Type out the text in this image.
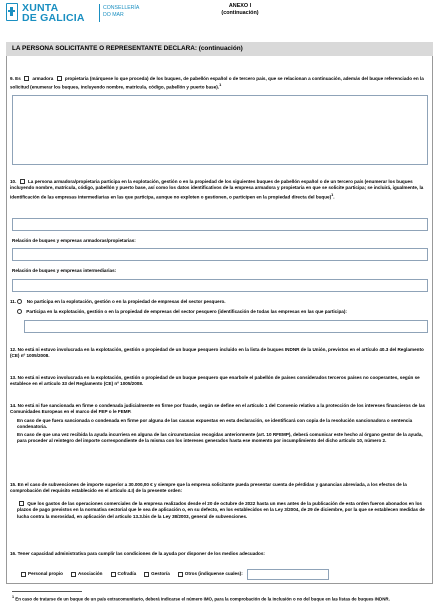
XUNTA
DE GALICIA
CONSELLERÍA
DO MAR
ANEXO I
(continuación)
LA PERSONA SOLICITANTE O REPRESENTANTE DECLARA: (continuación)
9. Es	armadora	propietaria (márquese lo que proceda) de los buques, de pabellón español o de tercero país, que se relacionan a continuación, además del buque referenciado en la solicitud (enumerar los buques, incluyendo nombre, matrícula, código, pabellón y puerto base).$^1$
10.	La persona armadora/propietaria participa en la explotación, gestión o en la propiedad de los siguientes buques de pabellón español o de un tercero país (enumerar los buques incluyendo nombre, matrícula, código, pabellón y puerto base, así como los datos identificativos de la empresa armadora y propietaria en que se solicite participa; se incluirá, igualmente, la identificación de las empresas intermediarias en las que participa, aunque no exploten o gestionen, o participen en la propiedad directa del buque)$^1$.
Relación de buques y empresas armadoras/propietarias:
Relación de buques y empresas intermediarias:
11. No participa en la explotación, gestión o en la propiedad de empresas del sector pesquero.
Participa en la explotación, gestión o en la propiedad de empresas del sector pesquero (identificación de todas las empresas en las que participa):
12. No está ni estuvo involucrada en la explotación, gestión o propiedad de un buque pesquero incluido en la lista de buques INDNR de la Unión, previstos en el artículo 40.3 del Reglamento (CE) nº 1005/2008.
13. No está ni estuvo involucrada en la explotación, gestión o propiedad de un buque pesquero que enarbole el pabellón de países considerados terceros países no cooperantes, según se establece en el artículo 33 del Reglamento (CE) nº 1005/2008.
14. No está ni fue sancionada en firme o condenada judicialmente en firme por fraude, según se define en el artículo 1 del Convenio relativo a la protección de los intereses financieros de las Comunidades Europeas en el marco del FEP o le FEMP.
En caso de que fuera sancionada o condenada en firme por alguna de las causas expuestas en esta declaración, se identificará con copia de la resolución sancionadora o sentencia condenatoria.
En caso de que una vez recibida la ayuda incurriera en alguna de las circunstancias recogidas anteriormente (art. 10 RFEMP), deberá comunicar este hecho al órgano gestor de la ayuda, para proceder al reintegro del importe correspondiente de la misma con los intereses generados hasta ese momento por incumplimiento del dicho artículo 10, número 2.
15. En el caso de subvenciones de importe superior a 30.000,00 € y siempre que la empresa solicitante pueda presentar cuenta de pérdidas y ganancias abreviada, a los efectos de la comprobación del requisito establecido en el artículo 4.I) de la presente orden:
Que los gastos de las operaciones comerciales de la empresa realizados desde el 20 de octubre de 2022 hasta un mes antes de la publicación de esta orden fueron abonados en los plazos de pago previstos en la normativa sectorial que le sea de aplicación o, en su defecto, en los establecidos en la Ley 3/2004, de 29 de diciembre, por la que se establecen medidas de lucha contra la morosidad, en aplicación del artículo 13.3.bis de la Ley 38/2003, general de subvenciones.
16. Tener capacidad administrativa para cumplir las condiciones de la ayuda por disponer de los medios adecuados:
Personal propio	Asociación	Cofradía	Gestoría	Otros (indíquense cuales):
$^1$ En caso de tratarse de un buque de un país extracomunitario, deberá indicarse el número IMO, para la comprobación de la inclusión o no del buque en las listas de buques INDNR.
